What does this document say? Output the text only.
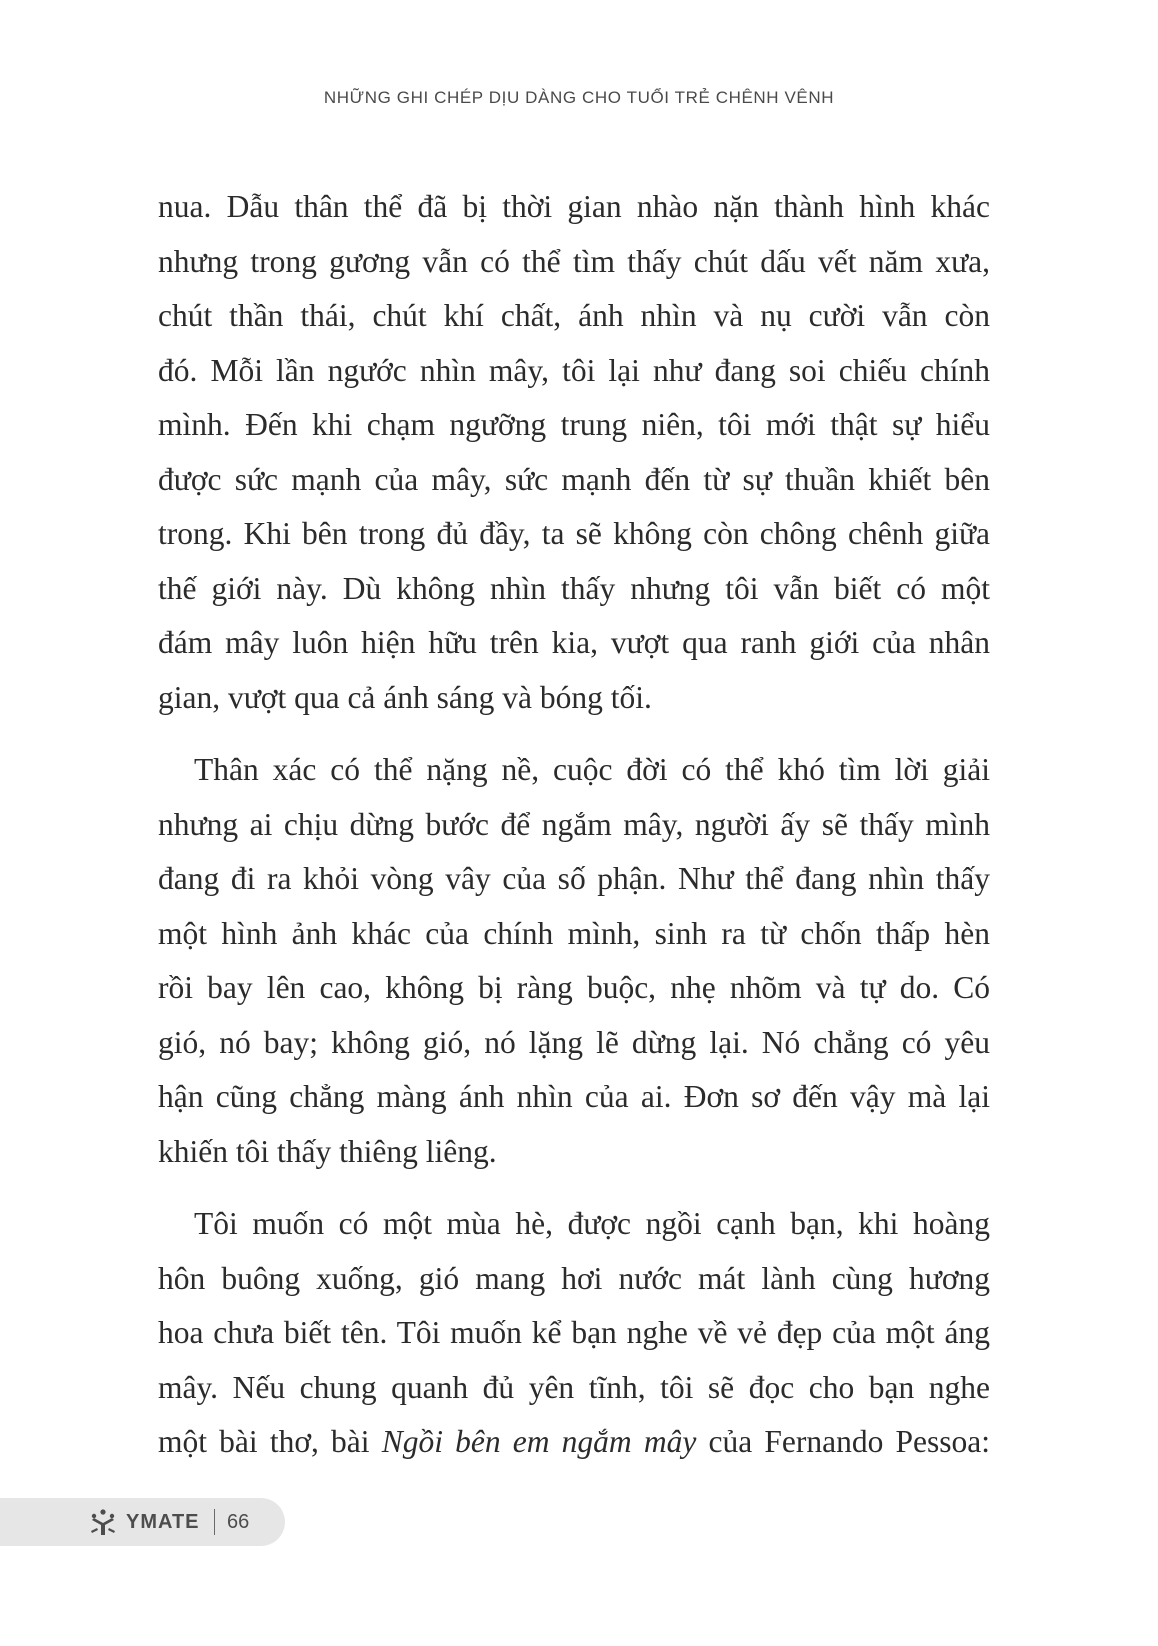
NHỮNG GHI CHÉP DỊU DÀNG CHO TUỔI TRẺ CHÊNH VÊNH
nua. Dẫu thân thể đã bị thời gian nhào nặn thành hình khác
nhưng trong gương vẫn có thể tìm thấy chút dấu vết năm xưa,
chút thần thái, chút khí chất, ánh nhìn và nụ cười vẫn còn
đó. Mỗi lần ngước nhìn mây, tôi lại như đang soi chiếu chính
mình. Đến khi chạm ngưỡng trung niên, tôi mới thật sự hiểu
được sức mạnh của mây, sức mạnh đến từ sự thuần khiết bên
trong. Khi bên trong đủ đầy, ta sẽ không còn chông chênh giữa
thế giới này. Dù không nhìn thấy nhưng tôi vẫn biết có một
đám mây luôn hiện hữu trên kia, vượt qua ranh giới của nhân
gian, vượt qua cả ánh sáng và bóng tối.
Thân xác có thể nặng nề, cuộc đời có thể khó tìm lời giải
nhưng ai chịu dừng bước để ngắm mây, người ấy sẽ thấy mình
đang đi ra khỏi vòng vây của số phận. Như thể đang nhìn thấy
một hình ảnh khác của chính mình, sinh ra từ chốn thấp hèn
rồi bay lên cao, không bị ràng buộc, nhẹ nhõm và tự do. Có
gió, nó bay; không gió, nó lặng lẽ dừng lại. Nó chẳng có yêu
hận cũng chẳng màng ánh nhìn của ai. Đơn sơ đến vậy mà lại
khiến tôi thấy thiêng liêng.
Tôi muốn có một mùa hè, được ngồi cạnh bạn, khi hoàng
hôn buông xuống, gió mang hơi nước mát lành cùng hương
hoa chưa biết tên. Tôi muốn kể bạn nghe về vẻ đẹp của một áng
mây. Nếu chung quanh đủ yên tĩnh, tôi sẽ đọc cho bạn nghe
một bài thơ, bài Ngồi bên em ngắm mây của Fernando Pessoa:
YMATE 66
